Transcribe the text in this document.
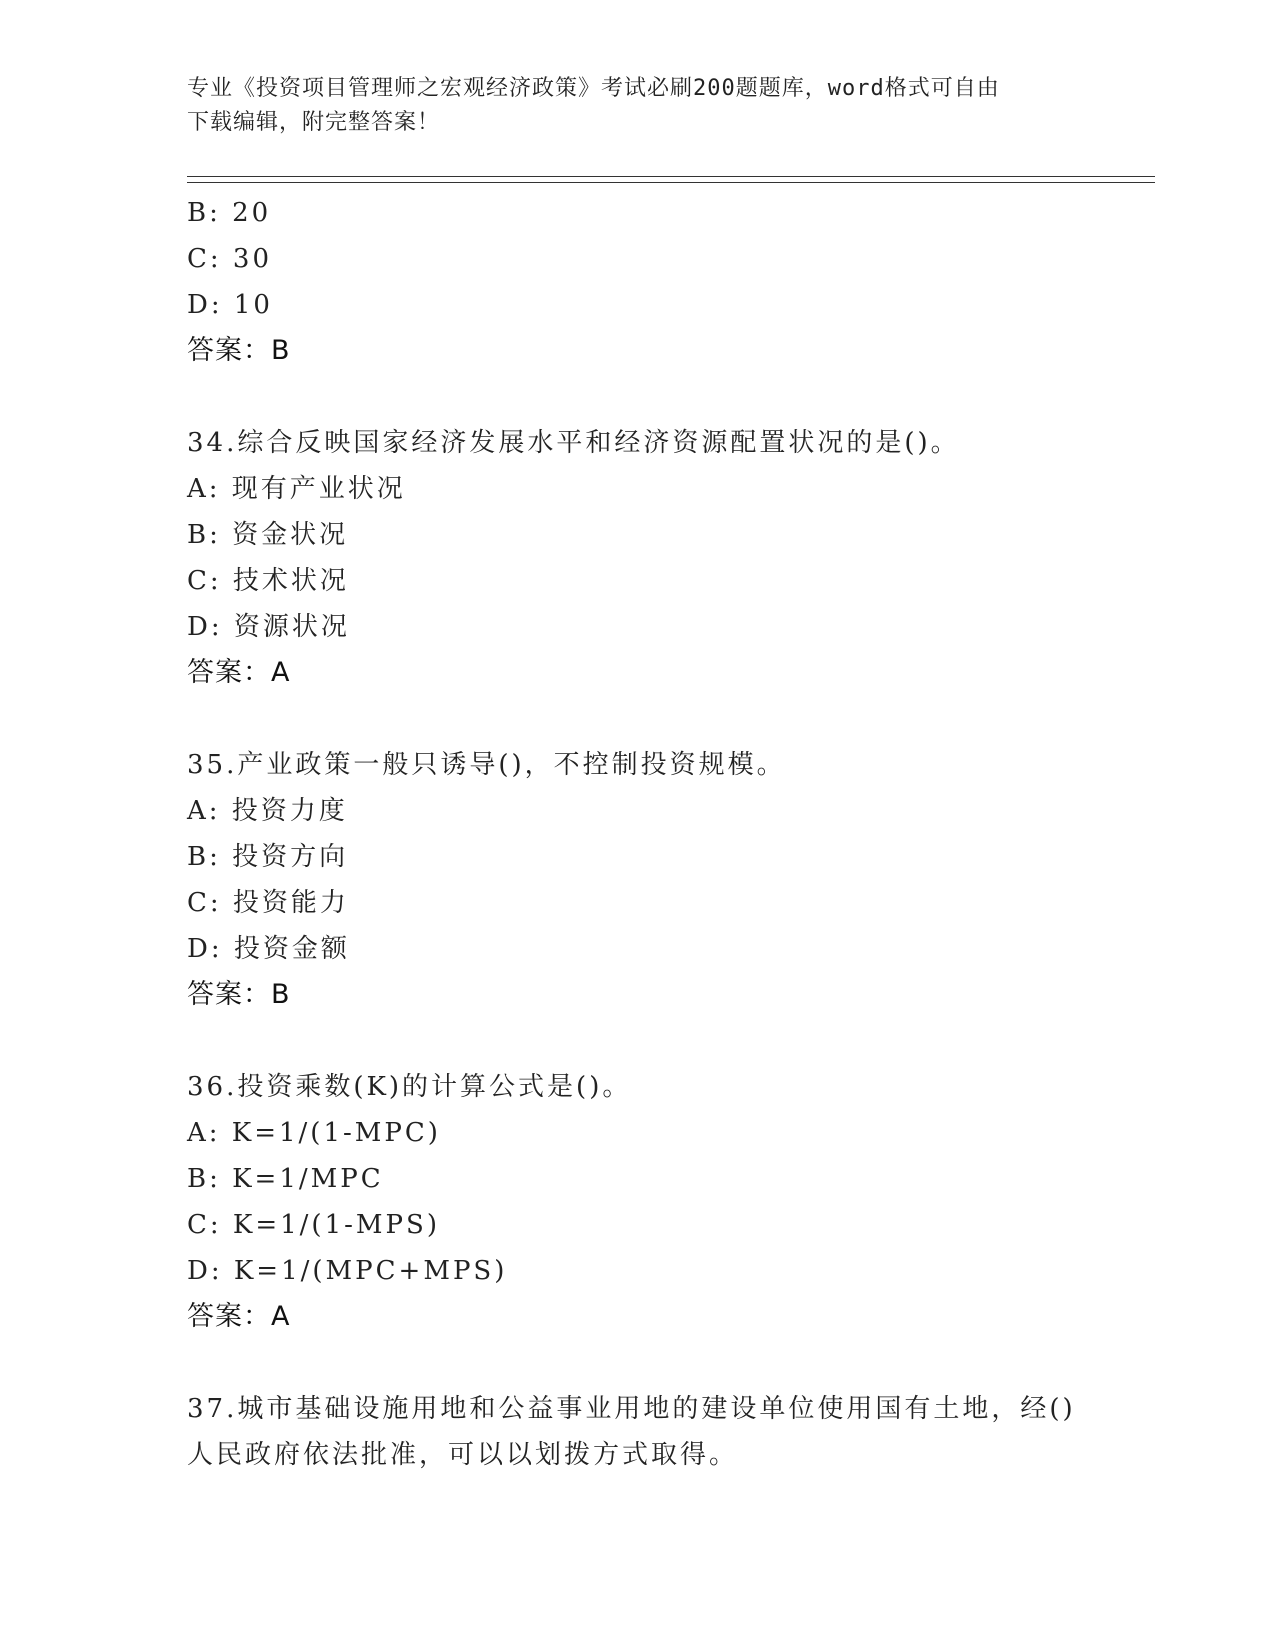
专业《投资项目管理师之宏观经济政策》考试必刷200题题库，word格式可自由
下载编辑，附完整答案！
B: 20
C: 30
D: 10
答案：B
34.综合反映国家经济发展水平和经济资源配置状况的是()。
A: 现有产业状况
B: 资金状况
C: 技术状况
D: 资源状况
答案：A
35.产业政策一般只诱导()，不控制投资规模。
A: 投资力度
B: 投资方向
C: 投资能力
D: 投资金额
答案：B
36.投资乘数(K)的计算公式是()。
A: K=1/(1-MPC)
B: K=1/MPC
C: K=1/(1-MPS)
D: K=1/(MPC+MPS)
答案：A
37.城市基础设施用地和公益事业用地的建设单位使用国有土地，经()
人民政府依法批准，可以以划拨方式取得。
